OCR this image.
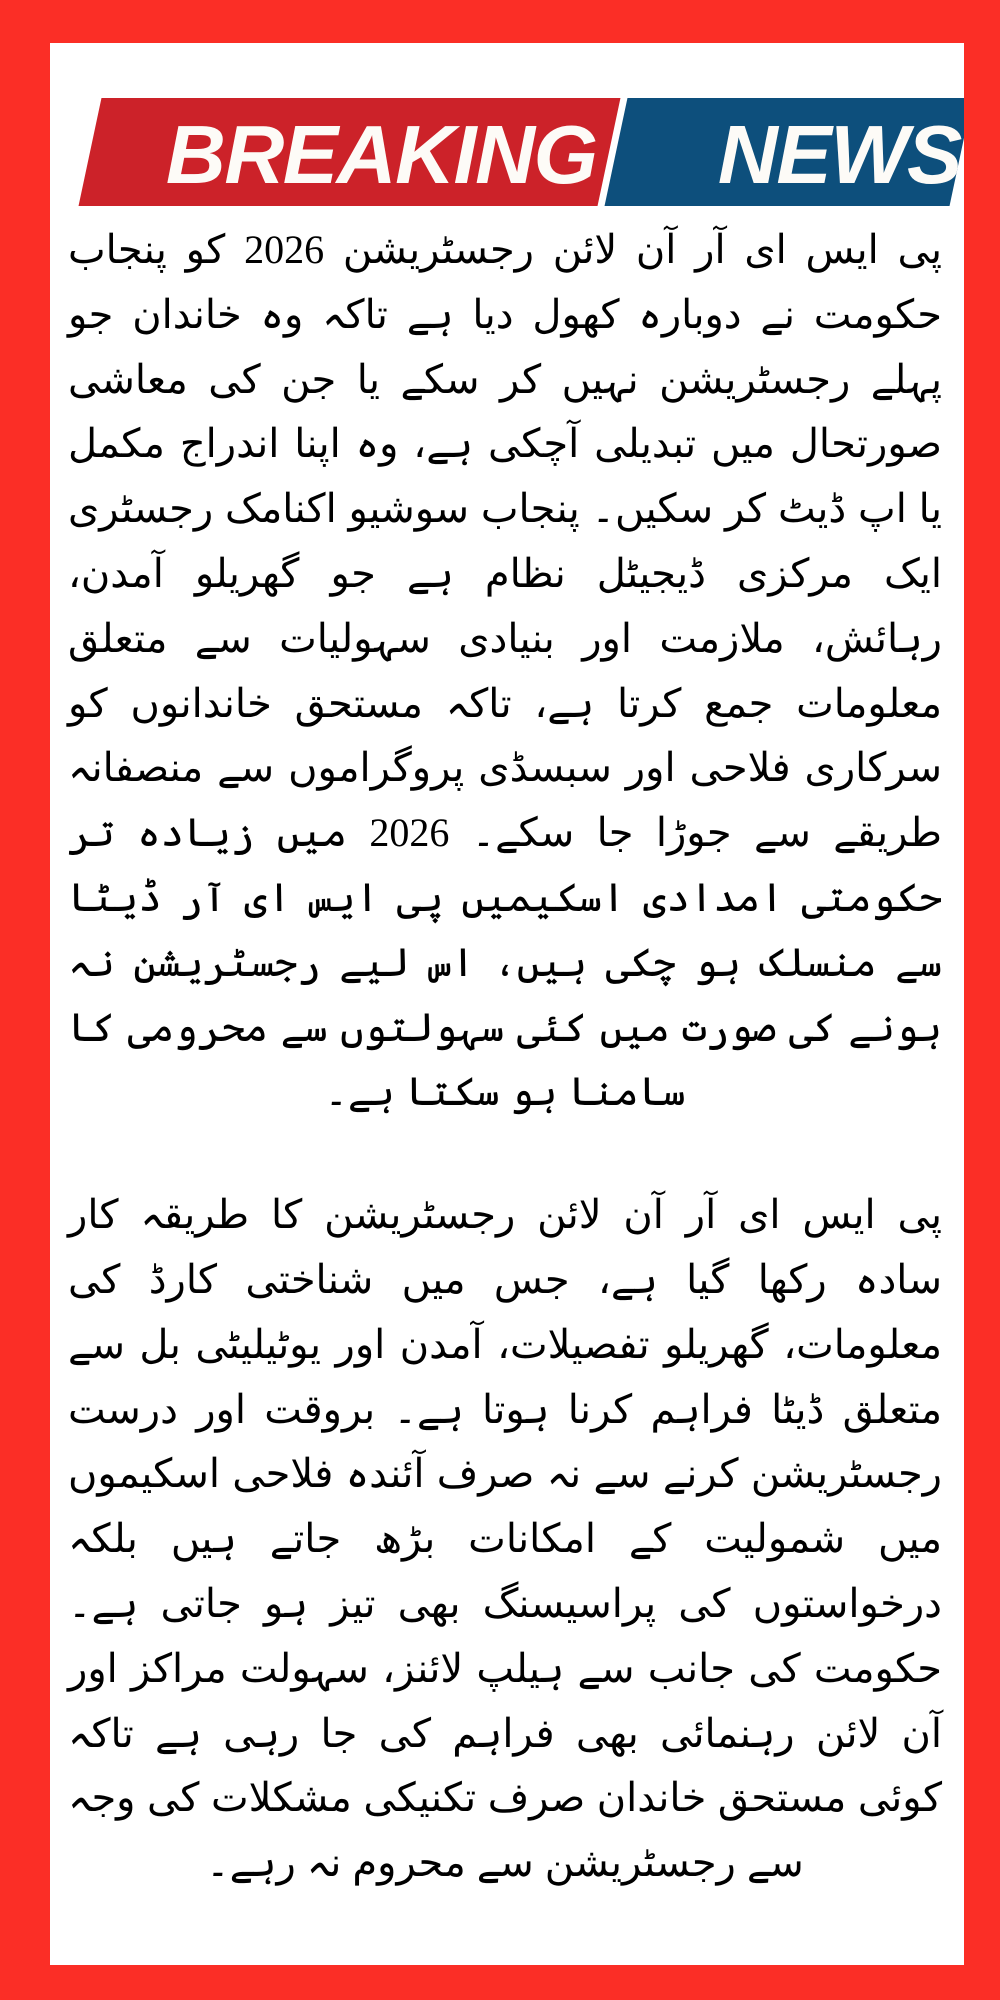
BREAKING NEWS

پی ایس ای آر آن لائن رجسٹریشن 2026 کو پنجاب حکومت نے دوبارہ کھول دیا ہے تاکہ وہ خاندان جو پہلے رجسٹریشن نہیں کر سکے یا جن کی معاشی صورتحال میں تبدیلی آچکی ہے، وہ اپنا اندراج مکمل یا اپ ڈیٹ کر سکیں۔ پنجاب سوشیو اکنامک رجسٹری ایک مرکزی ڈیجیٹل نظام ہے جو گھریلو آمدن، رہائش، ملازمت اور بنیادی سہولیات سے متعلق معلومات جمع کرتا ہے، تاکہ مستحق خاندانوں کو سرکاری فلاحی اور سبسڈی پروگراموں سے منصفانہ طریقے سے جوڑا جا سکے۔ 2026 میں زیادہ تر حکومتی امدادی اسکیمیں پی ایس ای آر ڈیٹا سے منسلک ہو چکی ہیں، اس لیے رجسٹریشن نہ ہونے کی صورت میں کئی سہولتوں سے محرومی کا سامنا ہو سکتا ہے۔

پی ایس ای آر آن لائن رجسٹریشن کا طریقہ کار سادہ رکھا گیا ہے، جس میں شناختی کارڈ کی معلومات، گھریلو تفصیلات، آمدن اور یوٹیلیٹی بل سے متعلق ڈیٹا فراہم کرنا ہوتا ہے۔ بروقت اور درست رجسٹریشن کرنے سے نہ صرف آئندہ فلاحی اسکیموں میں شمولیت کے امکانات بڑھ جاتے ہیں بلکہ درخواستوں کی پراسیسنگ بھی تیز ہو جاتی ہے۔ حکومت کی جانب سے ہیلپ لائنز، سہولت مراکز اور آن لائن رہنمائی بھی فراہم کی جا رہی ہے تاکہ کوئی مستحق خاندان صرف تکنیکی مشکلات کی وجہ سے رجسٹریشن سے محروم نہ رہے۔
